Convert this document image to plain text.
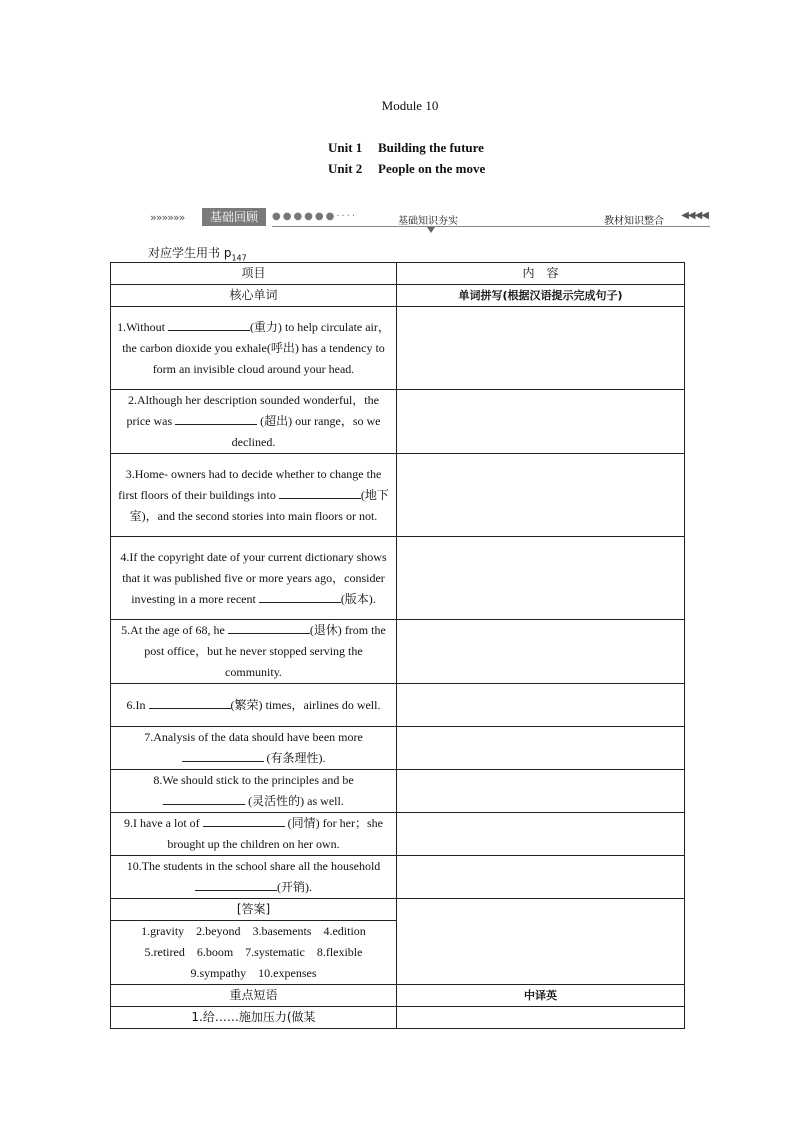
Module 10
Unit 1 Building the future
Unit 2 People on the move
»»»»»»	基础回顾	●●●●●●····	基础知识夯实	教材知识整合
◀◀◀◀
对应学生用书 $p_{147}$
项目	内　容
核心单词	单词拼写(根据汉语提示完成句子)
1.Without (重力) to help circulate air，the carbon dioxide you exhale(呼出) has a tendency to form an invisible cloud around your head.	
2.Although her description sounded wonderful，the price was (超出) our range，so we declined.	
3.Home- owners had to decide whether to change the first floors of their buildings into (地下室)，and the second stories into main floors or not.	
4.If the copyright date of your current dictionary shows that it was published five or more years ago，consider investing in a more recent (版本).	
5.At the age of 68, he (退休) from the post office，but he never stopped serving the community.	
6.In (繁荣) times，airlines do well.	
7.Analysis of the data should have been more  (有条理性).	
8.We should stick to the principles and be  (灵活性的) as well.	
9.I have a lot of (同情) for her；she brought up the children on her own.	
10.The students in the school share all the household (开销).	
[答案]	

1.gravity　2.beyond　3.basements　4.edition
5.retired　6.boom　7.systematic　8.flexible
9.sympathy　10.expenses	

重点短语	中译英
1.给……施加压力(做某	
